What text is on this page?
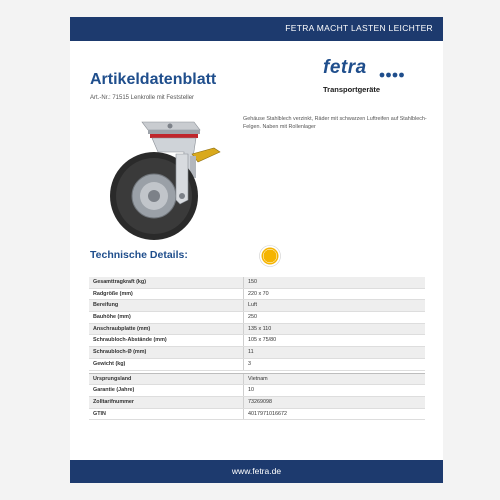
FETRA MACHT LASTEN LEICHTER
Artikeldatenblatt
Art.-Nr.: 71515 Lenkrolle mit Feststeller
fetra
Transportgeräte
Gehäuse Stahlblech verzinkt, Räder mit schwarzen Luftreifen auf Stahlblech-Felgen. Naben mit Rollenlager
Technische Details:
Gesamttragkraft (kg)	150
Radgröße (mm)	220 x 70
Bereifung	Luft
Bauhöhe (mm)	250
Anschraubplatte (mm)	135 x 110
Schraubloch-Abstände (mm)	105 x 75/80
Schraubloch-Ø (mm)	11
Gewicht (kg)	3
Ursprungsland	Vietnam
Garantie (Jahre)	10
Zolltarifnummer	73269098
GTIN	4017971016672
www.fetra.de
